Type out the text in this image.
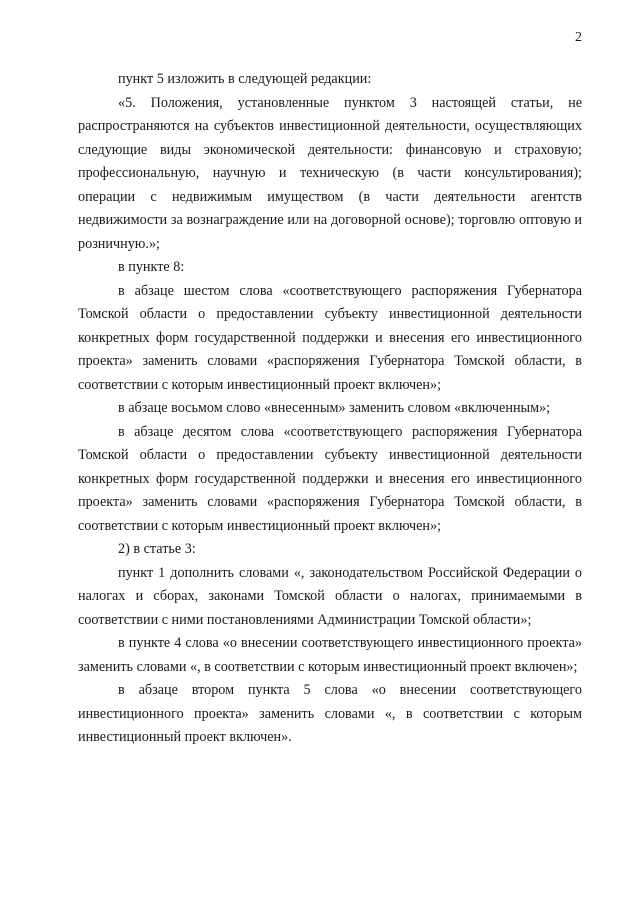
2

пункт 5 изложить в следующей редакции:

«5. Положения, установленные пунктом 3 настоящей статьи, не распространяются на субъектов инвестиционной деятельности, осуществляющих следующие виды экономической деятельности: финансовую и страховую; профессиональную, научную и техническую (в части консультирования); операции с недвижимым имуществом (в части деятельности агентств недвижимости за вознаграждение или на договорной основе); торговлю оптовую и розничную.»;

в пункте 8:

в абзаце шестом слова «соответствующего распоряжения Губернатора Томской области о предоставлении субъекту инвестиционной деятельности конкретных форм государственной поддержки и внесения его инвестиционного проекта» заменить словами «распоряжения Губернатора Томской области, в соответствии с которым инвестиционный проект включен»;

в абзаце восьмом слово «внесенным» заменить словом «включенным»;

в абзаце десятом слова «соответствующего распоряжения Губернатора Томской области о предоставлении субъекту инвестиционной деятельности конкретных форм государственной поддержки и внесения его инвестиционного проекта» заменить словами «распоряжения Губернатора Томской области, в соответствии с которым инвестиционный проект включен»;

2) в статье 3:

пункт 1 дополнить словами «, законодательством Российской Федерации о налогах и сборах, законами Томской области о налогах, принимаемыми в соответствии с ними постановлениями Администрации Томской области»;

в пункте 4 слова «о внесении соответствующего инвестиционного проекта» заменить словами «, в соответствии с которым инвестиционный проект включен»;

в абзаце втором пункта 5 слова «о внесении соответствующего инвестиционного проекта» заменить словами «, в соответствии с которым инвестиционный проект включен».
